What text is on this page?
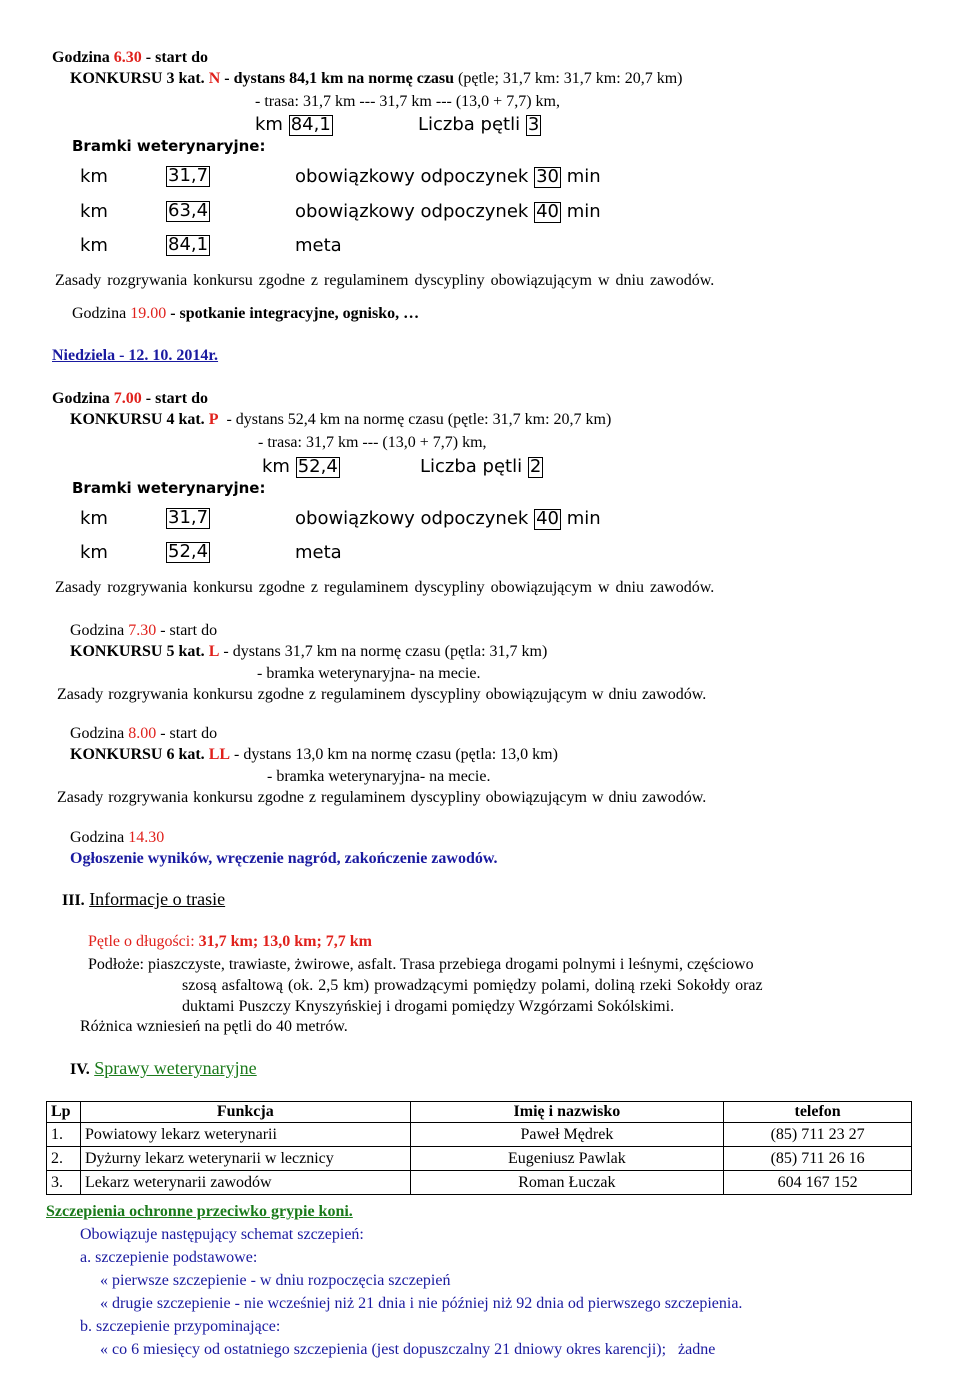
Godzina 6.30 - start do
KONKURSU 3 kat. N - dystans 84,1 km na normę czasu (pętle; 31,7 km: 31,7 km: 20,7 km)
- trasa: 31,7 km --- 31,7 km --- (13,0 + 7,7) km,
km 84,1	Liczba pętli 3
Bramki weterynaryjne:
km	31,7	obowiązkowy odpoczynek 30 min
km	63,4	obowiązkowy odpoczynek 40 min
km	84,1	meta
Zasady rozgrywania konkursu zgodne z regulaminem dyscypliny obowiązującym w dniu zawodów.
Godzina 19.00 - spotkanie integracyjne, ognisko, …
Niedziela - 12. 10. 2014r.
Godzina 7.00 - start do
KONKURSU 4 kat. P - dystans 52,4 km na normę czasu (pętle: 31,7 km: 20,7 km)
- trasa: 31,7 km --- (13,0 + 7,7) km,
km 52,4	Liczba pętli 2
Bramki weterynaryjne:
km	31,7	obowiązkowy odpoczynek 40 min
km	52,4	meta
Zasady rozgrywania konkursu zgodne z regulaminem dyscypliny obowiązującym w dniu zawodów.
Godzina 7.30 - start do
KONKURSU 5 kat. L - dystans 31,7 km na normę czasu (pętla: 31,7 km)
- bramka weterynaryjna- na mecie.
Zasady rozgrywania konkursu zgodne z regulaminem dyscypliny obowiązującym w dniu zawodów.
Godzina 8.00 - start do
KONKURSU 6 kat. LL - dystans 13,0 km na normę czasu (pętla: 13,0 km)
- bramka weterynaryjna- na mecie.
Zasady rozgrywania konkursu zgodne z regulaminem dyscypliny obowiązującym w dniu zawodów.
Godzina 14.30
Ogłoszenie wyników, wręczenie nagród, zakończenie zawodów.
III. Informacje o trasie
Pętle o długości: 31,7 km; 13,0 km; 7,7 km
Podłoże: piaszczyste, trawiaste, żwirowe, asfalt. Trasa przebiega drogami polnymi i leśnymi, częściowo
szosą asfaltową (ok. 2,5 km) prowadzącymi pomiędzy polami, doliną rzeki Sokołdy oraz
duktami Puszczy Knyszyńskiej i drogami pomiędzy Wzgórzami Sokólskimi.
Różnica wzniesień na pętli do 40 metrów.
IV. Sprawy weterynaryjne
Lp	Funkcja	Imię i nazwisko	telefon
1.	Powiatowy lekarz weterynarii	Paweł Mędrek	(85) 711 23 27
2.	Dyżurny lekarz weterynarii w lecznicy	Eugeniusz Pawlak	(85) 711 26 16
3.	Lekarz weterynarii zawodów	Roman Łuczak	604 167 152
Szczepienia ochronne przeciwko grypie koni.
Obowiązuje następujący schemat szczepień:
a. szczepienie podstawowe:
« pierwsze szczepienie - w dniu rozpoczęcia szczepień
« drugie szczepienie - nie wcześniej niż 21 dnia i nie później niż 92 dnia od pierwszego szczepienia.
b. szczepienie przypominające:
« co 6 miesięcy od ostatniego szczepienia (jest dopuszczalny 21 dniowy okres karencji); żadne
